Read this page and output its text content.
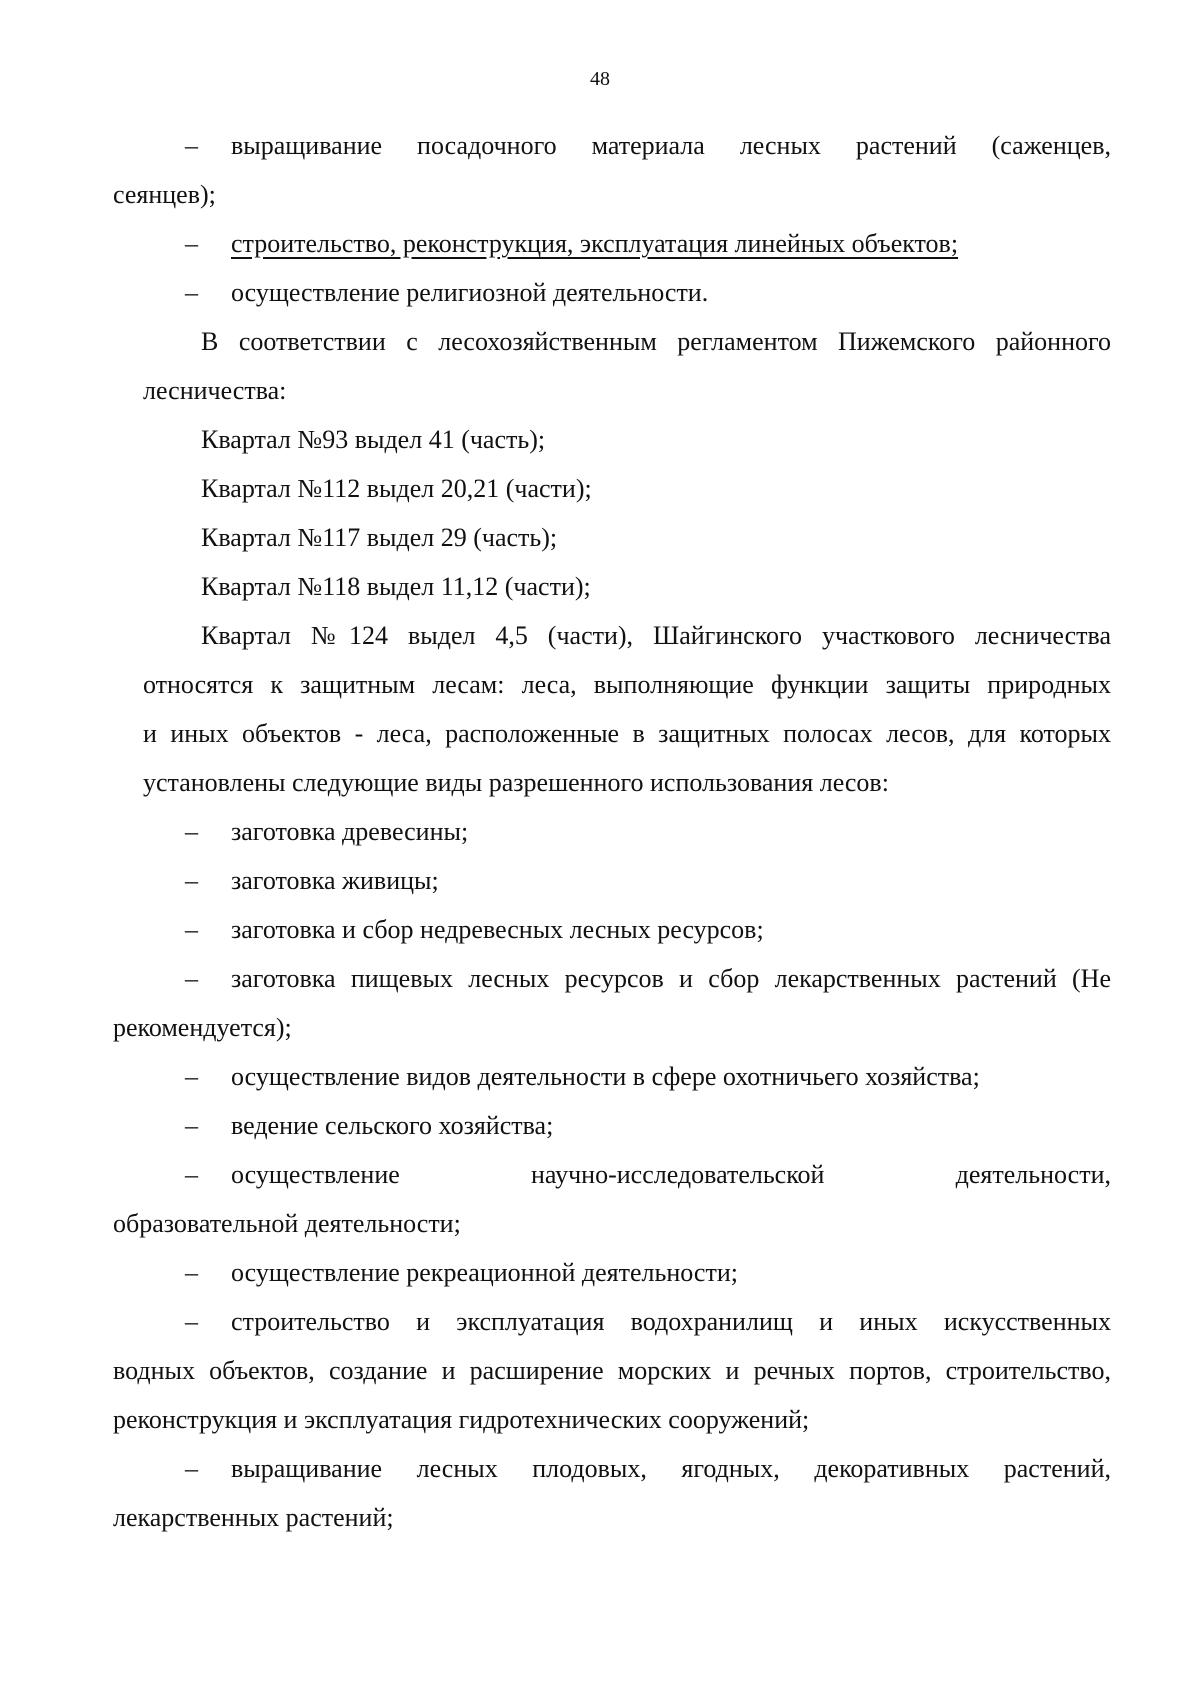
48
– выращивание посадочного материала лесных растений (саженцев,
сеянцев);
– строительство, реконструкция, эксплуатация линейных объектов;
– осуществление религиозной деятельности.
В соответствии с лесохозяйственным регламентом Пижемского районного
лесничества:
Квартал №93 выдел 41 (часть);
Квартал №112 выдел 20,21 (части);
Квартал №117 выдел 29 (часть);
Квартал №118 выдел 11,12 (части);
Квартал №124 выдел 4,5 (части), Шайгинского участкового лесничества
относятся к защитным лесам: леса, выполняющие функции защиты природных
и иных объектов - леса, расположенные в защитных полосах лесов, для которых
установлены следующие виды разрешенного использования лесов:
– заготовка древесины;
– заготовка живицы;
– заготовка и сбор недревесных лесных ресурсов;
– заготовка пищевых лесных ресурсов и сбор лекарственных растений (Не
рекомендуется);
– осуществление видов деятельности в сфере охотничьего хозяйства;
– ведение сельского хозяйства;
– осуществление научно-исследовательской деятельности,
образовательной деятельности;
– осуществление рекреационной деятельности;
– строительство и эксплуатация водохранилищ и иных искусственных
водных объектов, создание и расширение морских и речных портов, строительство,
реконструкция и эксплуатация гидротехнических сооружений;
– выращивание лесных плодовых, ягодных, декоративных растений,
лекарственных растений;
